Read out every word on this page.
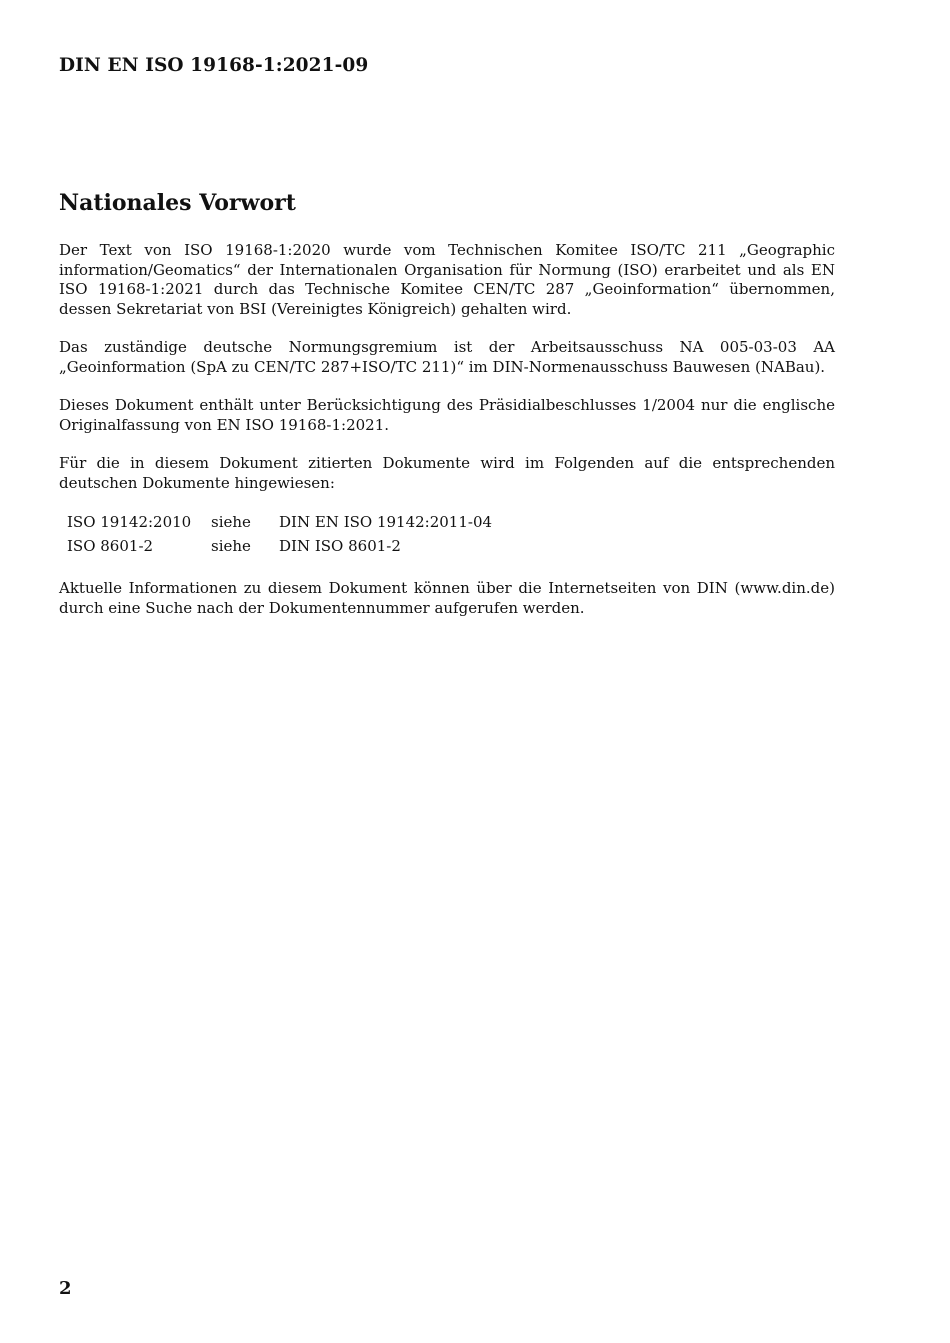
DIN EN ISO 19168-1:2021-09

Nationales Vorwort

Der Text von ISO 19168-1:2020 wurde vom Technischen Komitee ISO/TC 211 „Geographic information/Geomatics“ der Internationalen Organisation für Normung (ISO) erarbeitet und als EN ISO 19168-1:2021 durch das Technische Komitee CEN/TC 287 „Geoinformation“ übernommen, dessen Sekretariat von BSI (Vereinigtes Königreich) gehalten wird.

Das zuständige deutsche Normungsgremium ist der Arbeitsausschuss NA 005-03-03 AA „Geoinformation (SpA zu CEN/TC 287+ISO/TC 211)“ im DIN-Normenausschuss Bauwesen (NABau).

Dieses Dokument enthält unter Berücksichtigung des Präsidialbeschlusses 1/2004 nur die englische Originalfassung von EN ISO 19168-1:2021.

Für die in diesem Dokument zitierten Dokumente wird im Folgenden auf die entsprechenden deutschen Dokumente hingewiesen:

ISO 19142:2010	siehe	DIN EN ISO 19142:2011-04
ISO 8601-2	siehe	DIN ISO 8601-2

Aktuelle Informationen zu diesem Dokument können über die Internetseiten von DIN (www.din.de) durch eine Suche nach der Dokumentennummer aufgerufen werden.

2
